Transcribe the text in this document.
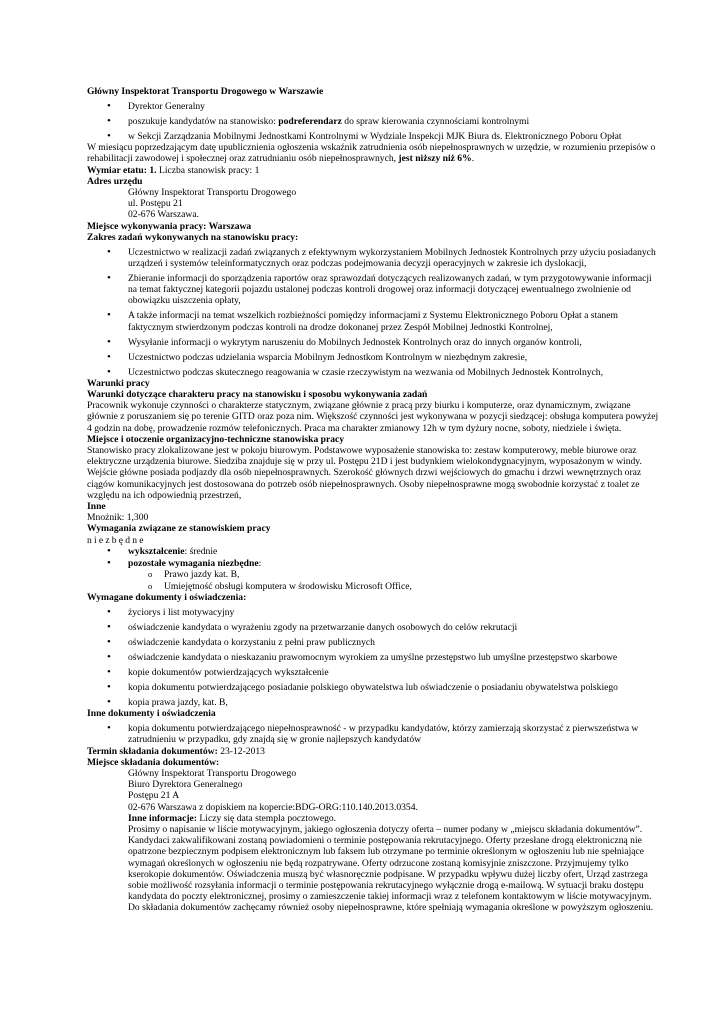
Główny Inspektorat Transportu Drogowego w Warszawie

• Dyrektor Generalny
• poszukuje kandydatów na stanowisko: podreferendarz do spraw kierowania czynnościami kontrolnymi
• w Sekcji Zarządzania Mobilnymi Jednostkami Kontrolnymi w Wydziale Inspekcji MJK Biura ds. Elektronicznego Poboru Opłat

W miesiącu poprzedzającym datę upublicznienia ogłoszenia wskaźnik zatrudnienia osób niepełnosprawnych w urzędzie, w rozumieniu przepisów o rehabilitacji zawodowej i społecznej oraz zatrudnianiu osób niepełnosprawnych, jest niższy niż 6%.

Wymiar etatu: 1. Liczba stanowisk pracy: 1

Adres urzędu

Główny Inspektorat Transportu Drogowego

ul. Postępu 21

02-676 Warszawa.

Miejsce wykonywania pracy: Warszawa

Zakres zadań wykonywanych na stanowisku pracy:

• Uczestnictwo w realizacji zadań związanych z efektywnym wykorzystaniem Mobilnych Jednostek Kontrolnych przy użyciu posiadanych urządzeń i systemów teleinformatycznych oraz podczas podejmowania decyzji operacyjnych w zakresie ich dyslokacji,
• Zbieranie informacji do sporządzenia raportów oraz sprawozdań dotyczących realizowanych zadań, w tym przygotowywanie informacji na temat faktycznej kategorii pojazdu ustalonej podczas kontroli drogowej oraz informacji dotyczącej ewentualnego zwolnienie od obowiązku uiszczenia opłaty,
• A także informacji na temat wszelkich rozbieżności pomiędzy informacjami z Systemu Elektronicznego Poboru Opłat a stanem faktycznym stwierdzonym podczas kontroli na drodze dokonanej przez Zespół Mobilnej Jednostki Kontrolnej,
• Wysyłanie informacji o wykrytym naruszeniu do Mobilnych Jednostek Kontrolnych oraz do innych organów kontroli,
• Uczestnictwo podczas udzielania wsparcia Mobilnym Jednostkom Kontrolnym w niezbędnym zakresie,
• Uczestnictwo podczas skutecznego reagowania w czasie rzeczywistym na wezwania od Mobilnych Jednostek Kontrolnych,

Warunki pracy

Warunki dotyczące charakteru pracy na stanowisku i sposobu wykonywania zadań

Pracownik wykonuje czynności o charakterze statycznym, związane głównie z pracą przy biurku i komputerze, oraz dynamicznym, związane głównie z poruszaniem się po terenie GITD oraz poza nim. Większość czynności jest wykonywana w pozycji siedzącej: obsługa komputera powyżej 4 godzin na dobę, prowadzenie rozmów telefonicznych. Praca ma charakter zmianowy 12h w tym dyżury nocne, soboty, niedziele i święta.

Miejsce i otoczenie organizacyjno-techniczne stanowiska pracy

Stanowisko pracy zlokalizowane jest w pokoju biurowym. Podstawowe wyposażenie stanowiska to: zestaw komputerowy, meble biurowe oraz elektryczne urządzenia biurowe. Siedziba znajduje się w przy ul. Postępu 21D i jest budynkiem wielokondygnacyjnym, wyposażonym w windy. Wejście główne posiada podjazdy dla osób niepełnosprawnych. Szerokość głównych drzwi wejściowych do gmachu i drzwi wewnętrznych oraz ciągów komunikacyjnych jest dostosowana do potrzeb osób niepełnosprawnych. Osoby niepełnosprawne mogą swobodnie korzystać z toalet ze względu na ich odpowiednią przestrzeń,

Inne

Mnożnik: 1,300

Wymagania związane ze stanowiskiem pracy

niezbędne

• wykształcenie: średnie
• pozostałe wymagania niezbędne:
o Prawo jazdy kat. B,
o Umiejętność obsługi komputera w środowisku Microsoft Office,

Wymagane dokumenty i oświadczenia:

• życiorys i list motywacyjny
• oświadczenie kandydata o wyrażeniu zgody na przetwarzanie danych osobowych do celów rekrutacji
• oświadczenie kandydata o korzystaniu z pełni praw publicznych
• oświadczenie kandydata o nieskazaniu prawomocnym wyrokiem za umyślne przestępstwo lub umyślne przestępstwo skarbowe
• kopie dokumentów potwierdzających wykształcenie
• kopia dokumentu potwierdzającego posiadanie polskiego obywatelstwa lub oświadczenie o posiadaniu obywatelstwa polskiego
• kopia prawa jazdy, kat. B,

Inne dokumenty i oświadczenia

• kopia dokumentu potwierdzającego niepełnosprawność - w przypadku kandydatów, którzy zamierzają skorzystać z pierwszeństwa w zatrudnieniu w przypadku, gdy znajdą się w gronie najlepszych kandydatów

Termin składania dokumentów: 23-12-2013

Miejsce składania dokumentów:

Główny Inspektorat Transportu Drogowego

Biuro Dyrektora Generalnego

Postępu 21 A

02-676 Warszawa z dopiskiem na kopercie:BDG-ORG:110.140.2013.0354.

Inne informacje: Liczy się data stempla pocztowego.

Prosimy o napisanie w liście motywacyjnym, jakiego ogłoszenia dotyczy oferta – numer podany w „miejscu składania dokumentów”. Kandydaci zakwalifikowani zostaną powiadomieni o terminie postępowania rekrutacyjnego. Oferty przesłane drogą elektroniczną nie opatrzone bezpiecznym podpisem elektronicznym lub faksem lub otrzymane po terminie określonym w ogłoszeniu lub nie spełniające wymagań określonych w ogłoszeniu nie będą rozpatrywane. Oferty odrzucone zostaną komisyjnie zniszczone. Przyjmujemy tylko kserokopie dokumentów. Oświadczenia muszą być własnoręcznie podpisane. W przypadku wpływu dużej liczby ofert, Urząd zastrzega sobie możliwość rozsyłania informacji o terminie postępowania rekrutacyjnego wyłącznie drogą e-mailową. W sytuacji braku dostępu kandydata do poczty elektronicznej, prosimy o zamieszczenie takiej informacji wraz z telefonem kontaktowym w liście motywacyjnym. Do składania dokumentów zachęcamy również osoby niepełnosprawne, które spełniają wymagania określone w powyższym ogłoszeniu.
